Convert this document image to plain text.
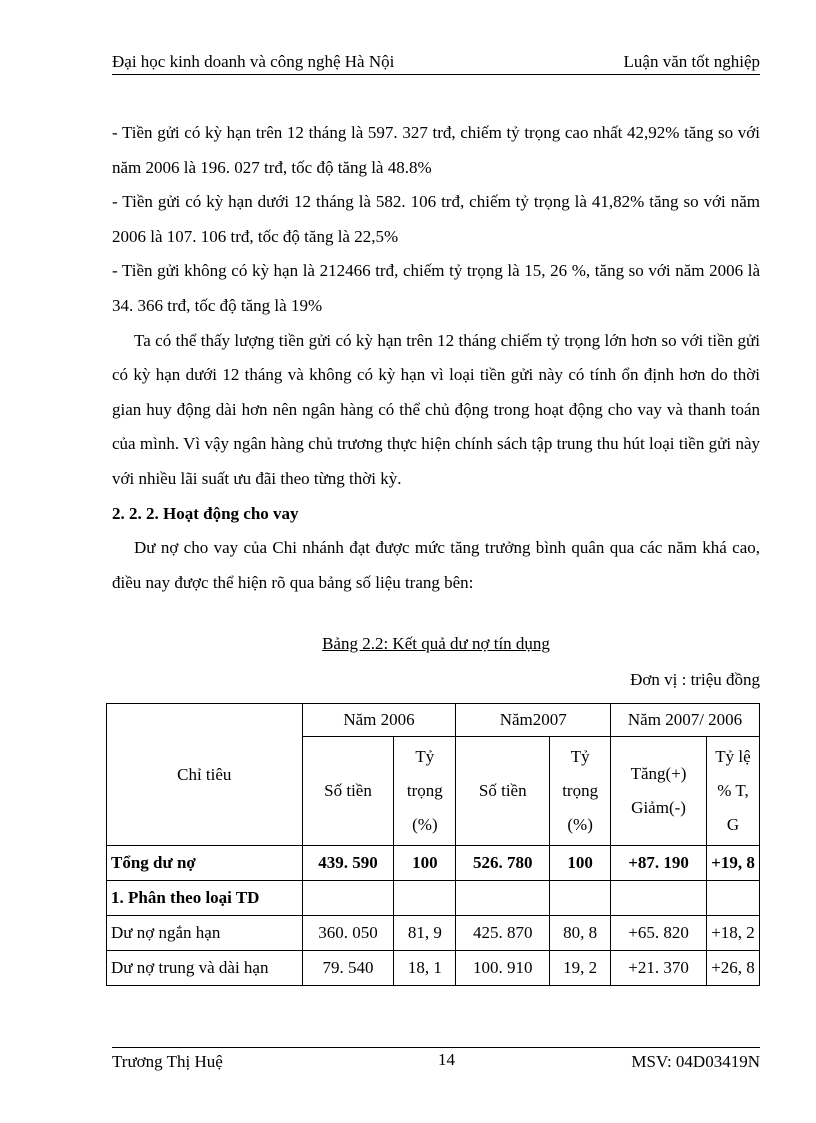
Đại học kinh doanh và công nghệ Hà Nội	Luận văn tốt nghiệp

- Tiền gửi có kỳ hạn trên 12 tháng là 597. 327 trđ, chiếm tỷ trọng cao nhất 42,92% tăng so với năm 2006 là 196. 027 trđ, tốc độ tăng là 48.8%

- Tiền gửi có kỳ hạn dưới 12 tháng là 582. 106 trđ, chiếm tỷ trọng là 41,82% tăng so với năm 2006 là 107. 106 trđ, tốc độ tăng là 22,5%

- Tiền gửi không có kỳ hạn là 212466 trđ, chiếm tỷ trọng là 15, 26 %, tăng so với năm 2006 là 34. 366 trđ, tốc độ tăng là 19%

Ta có thể thấy lượng tiền gửi có kỳ hạn trên 12 tháng chiếm tỷ trọng lớn hơn so với tiền gửi có kỳ hạn dưới 12 tháng và không có kỳ hạn vì loại tiền gửi này có tính ổn định hơn do thời gian huy động dài hơn nên ngân hàng có thể chủ động trong hoạt động cho vay và thanh toán của mình. Vì vậy ngân hàng chủ trương thực hiện chính sách tập trung thu hút loại tiền gửi này với nhiều lãi suất ưu đãi theo từng thời kỳ.

2. 2. 2. Hoạt động cho vay

Dư nợ cho vay của Chi nhánh đạt được mức tăng trưởng bình quân qua các năm khá cao, điều nay được thể hiện rõ qua bảng số liệu trang bên:

Bảng 2.2: Kết quả dư nợ tín dụng
Đơn vị : triệu đồng
Chỉ tiêu	Năm 2006		Năm2007		Năm 2007/ 2006	
	Số tiền	Tỷ
trọng
(%)	Số tiền	Tỷ
trọng
(%)	Tăng(+)
Giảm(-)	Tỷ lệ
% T,
G
Tổng dư nợ	439. 590	100	526. 780	100	+87. 190	+19, 8
1. Phân theo loại TD						
Dư nợ ngắn hạn	360. 050	81, 9	425. 870	80, 8	+65. 820	+18, 2
Dư nợ trung và dài hạn	79. 540	18, 1	100. 910	19, 2	+21. 370	+26, 8
Trương Thị Huệ	14	MSV: 04D03419N
